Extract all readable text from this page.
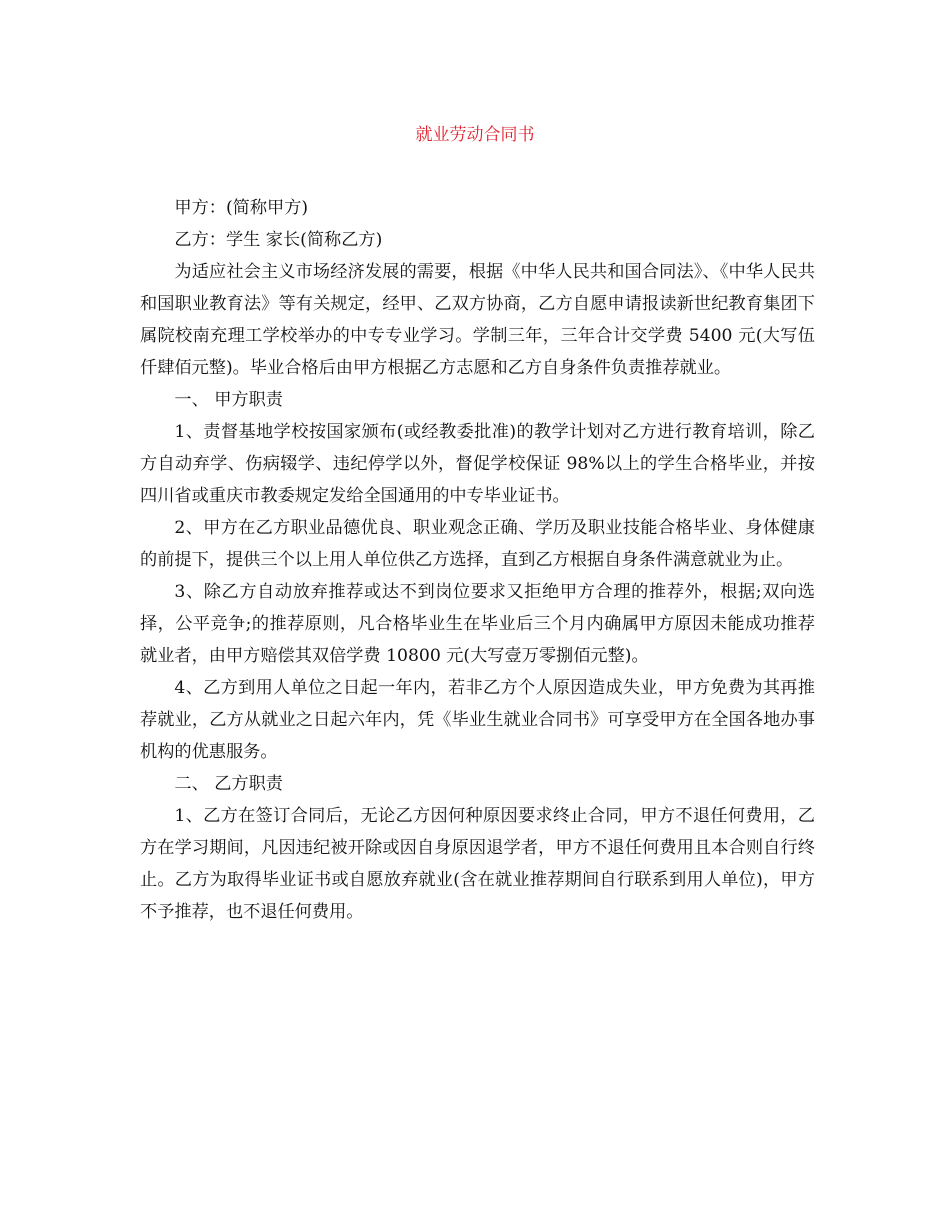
就业劳动合同书

甲方：(简称甲方)

乙方：学生 家长(简称乙方)

为适应社会主义市场经济发展的需要，根据《中华人民共和国合同法》、《中华人民共和国职业教育法》等有关规定，经甲、乙双方协商，乙方自愿申请报读新世纪教育集团下属院校南充理工学校举办的中专专业学习。学制三年，三年合计交学费 5400 元(大写伍仟肆佰元整)。毕业合格后由甲方根据乙方志愿和乙方自身条件负责推荐就业。

一、 甲方职责

1、责督基地学校按国家颁布(或经教委批准)的教学计划对乙方进行教育培训，除乙方自动弃学、伤病辍学、违纪停学以外，督促学校保证 98%以上的学生合格毕业，并按四川省或重庆市教委规定发给全国通用的中专毕业证书。

2、甲方在乙方职业品德优良、职业观念正确、学历及职业技能合格毕业、身体健康的前提下，提供三个以上用人单位供乙方选择，直到乙方根据自身条件满意就业为止。

3、除乙方自动放弃推荐或达不到岗位要求又拒绝甲方合理的推荐外，根据;双向选择，公平竞争;的推荐原则，凡合格毕业生在毕业后三个月内确属甲方原因未能成功推荐就业者，由甲方赔偿其双倍学费 10800 元(大写壹万零捌佰元整)。

4、乙方到用人单位之日起一年内，若非乙方个人原因造成失业，甲方免费为其再推荐就业，乙方从就业之日起六年内，凭《毕业生就业合同书》可享受甲方在全国各地办事机构的优惠服务。

二、 乙方职责

1、乙方在签订合同后，无论乙方因何种原因要求终止合同，甲方不退任何费用，乙方在学习期间，凡因违纪被开除或因自身原因退学者，甲方不退任何费用且本合则自行终止。乙方为取得毕业证书或自愿放弃就业(含在就业推荐期间自行联系到用人单位)，甲方不予推荐，也不退任何费用。
